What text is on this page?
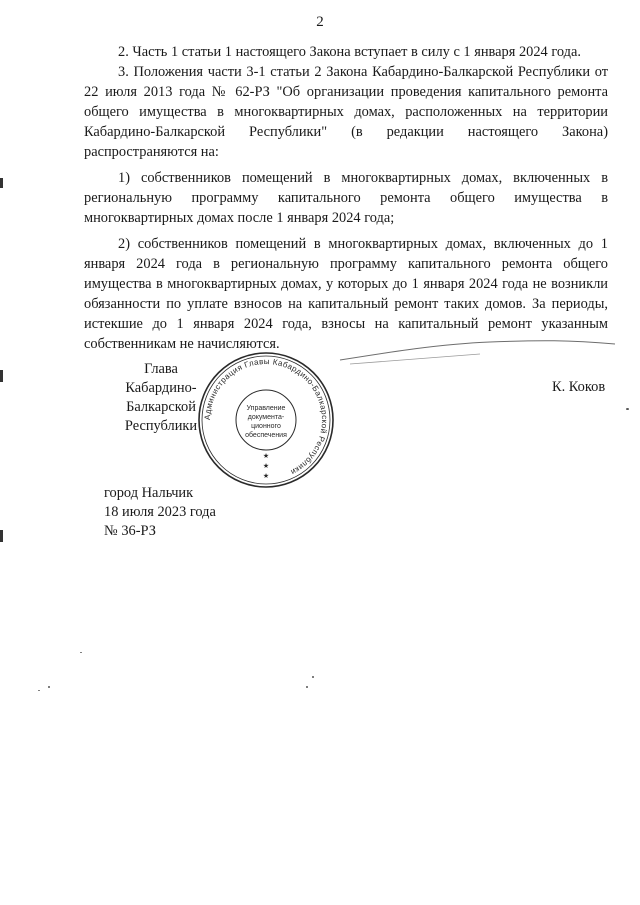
2

2. Часть 1 статьи 1 настоящего Закона вступает в силу с 1 января 2024 года.

3. Положения части 3-1 статьи 2 Закона Кабардино-Балкарской Республики от 22 июля 2013 года № 62-РЗ "Об организации проведения капитального ремонта общего имущества в многоквартирных домах, расположенных на территории Кабардино-Балкарской Республики" (в редакции настоящего Закона) распространяются на:

1) собственников помещений в многоквартирных домах, включенных в региональную программу капитального ремонта общего имущества в многоквартирных домах после 1 января 2024 года;

2) собственников помещений в многоквартирных домах, включенных до 1 января 2024 года в региональную программу капитального ремонта общего имущества в многоквартирных домах, у которых до 1 января 2024 года не возникли обязанности по уплате взносов на капитальный ремонт таких домов. За периоды, истекшие до 1 января 2024 года, взносы на капитальный ремонт указанным собственникам не начисляются.

Глава
Кабардино-Балкарской
Республики
К. Коков
Администрация Главы Кабардино-Балкарской Республики
Управление
документа-
ционного
обеспечения
★
★
★
город Нальчик
18 июля 2023 года
№ 36-РЗ
